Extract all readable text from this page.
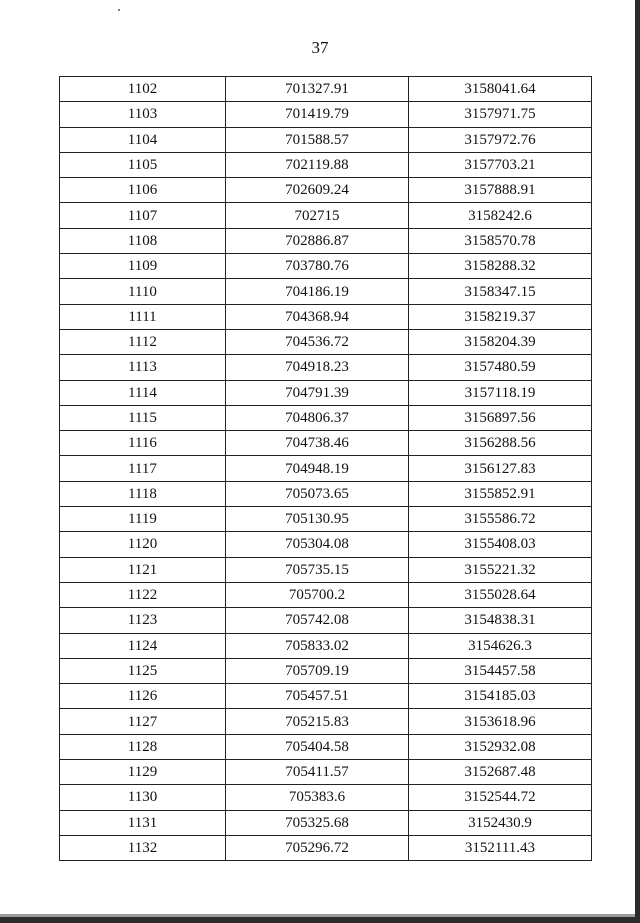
37
1102	701327.91	3158041.64
1103	701419.79	3157971.75
1104	701588.57	3157972.76
1105	702119.88	3157703.21
1106	702609.24	3157888.91
1107	702715	3158242.6
1108	702886.87	3158570.78
1109	703780.76	3158288.32
1110	704186.19	3158347.15
1111	704368.94	3158219.37
1112	704536.72	3158204.39
1113	704918.23	3157480.59
1114	704791.39	3157118.19
1115	704806.37	3156897.56
1116	704738.46	3156288.56
1117	704948.19	3156127.83
1118	705073.65	3155852.91
1119	705130.95	3155586.72
1120	705304.08	3155408.03
1121	705735.15	3155221.32
1122	705700.2	3155028.64
1123	705742.08	3154838.31
1124	705833.02	3154626.3
1125	705709.19	3154457.58
1126	705457.51	3154185.03
1127	705215.83	3153618.96
1128	705404.58	3152932.08
1129	705411.57	3152687.48
1130	705383.6	3152544.72
1131	705325.68	3152430.9
1132	705296.72	3152111.43
